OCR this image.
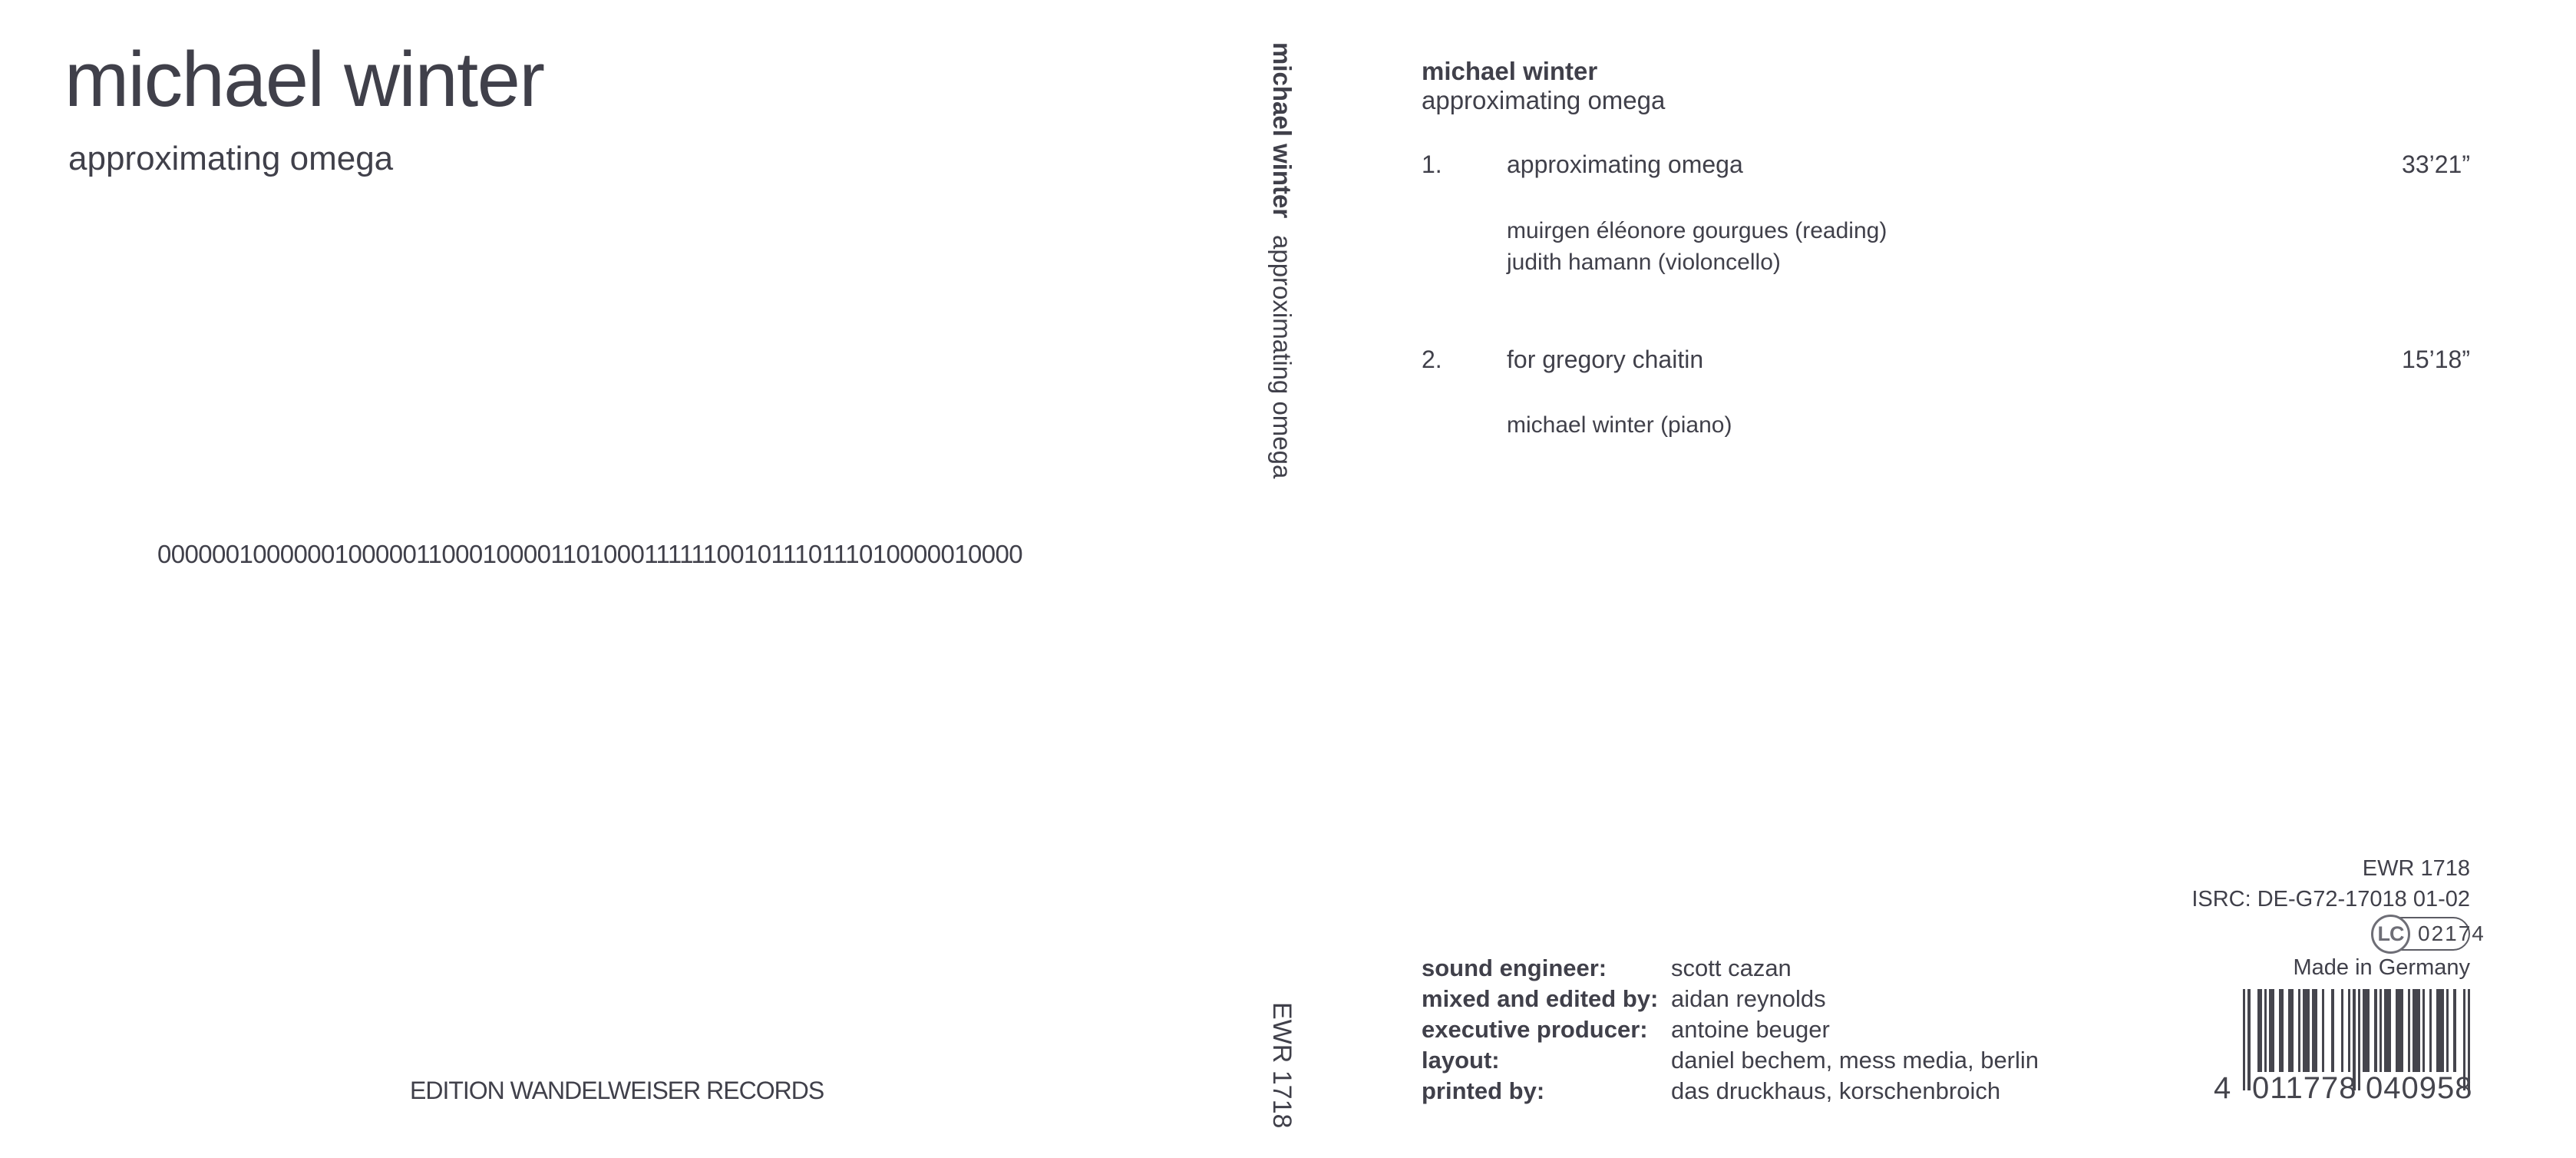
michael winter
approximating omega
00000010000001000001100010000110100011111100101110111010000010000
EDITION WANDELWEISER RECORDS
michael winter approximating omega
EWR 1718
michael winter
approximating omega
1.	approximating omega	33’21”
muirgen éléonore gourgues (reading)
judith hamann (violoncello)
2.	for gregory chaitin	15’18”
michael winter (piano)
sound engineer:	scott cazan
mixed and edited by: aidan reynolds
executive producer: antoine beuger
layout:	daniel bechem, mess media, berlin
printed by:	das druckhaus, korschenbroich
EWR 1718
ISRC: DE-G72-17018 01-02
LC 02174
Made in Germany
4 011778 040958
